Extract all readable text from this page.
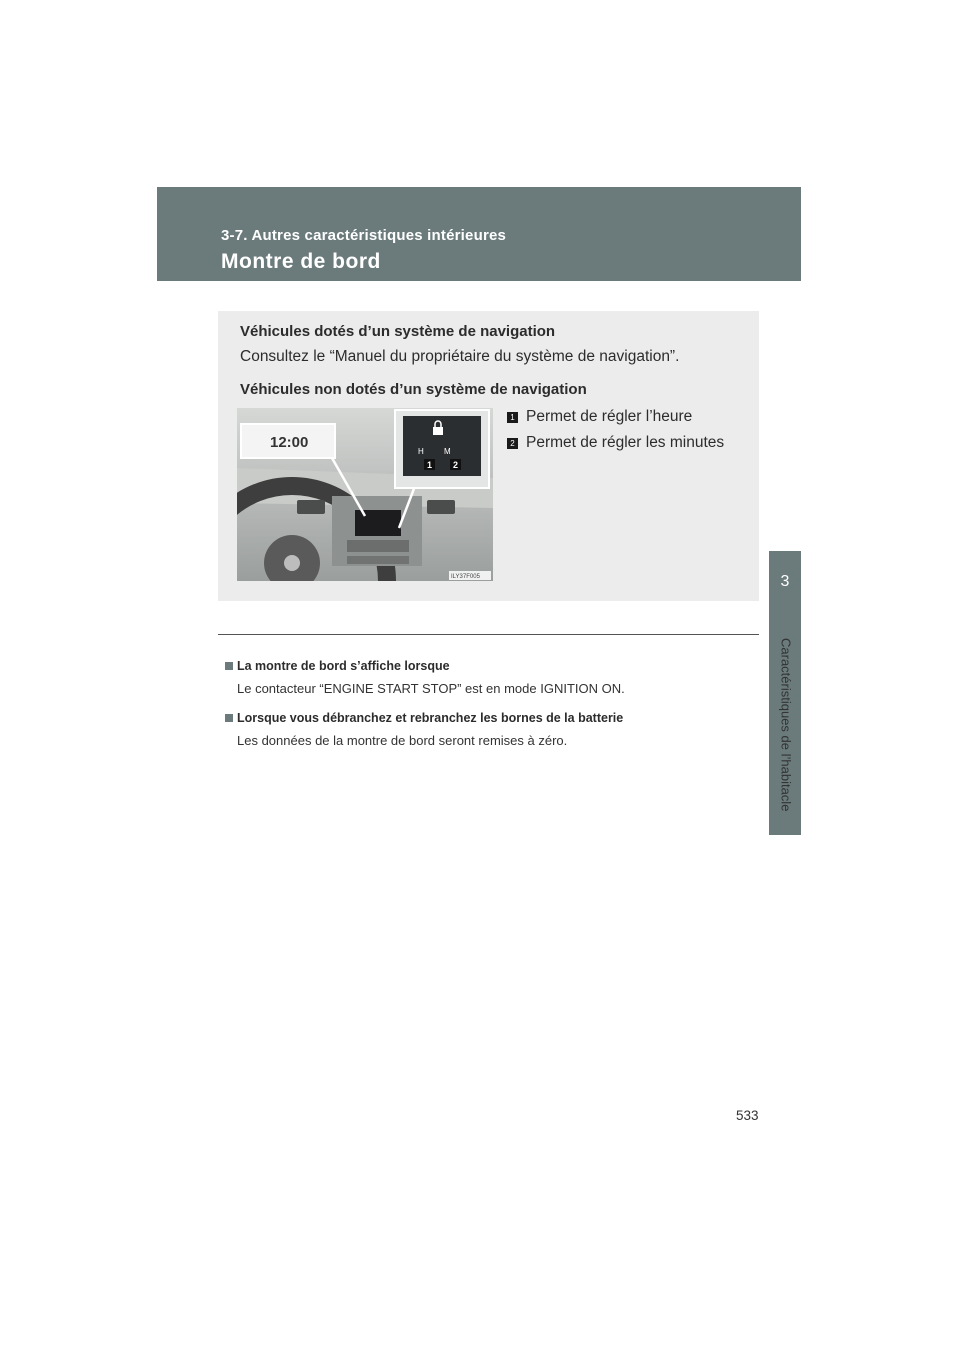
3-7. Autres caractéristiques intérieures
Montre de bord
3
Caractéristiques de l’habitacle
Véhicules dotés d’un système de navigation
Consultez le “Manuel du propriétaire du système de navigation”.
Véhicules non dotés d’un système de navigation
12:00
H	M
1 2
ILY37F005
1 Permet de régler l’heure
2 Permet de régler les minutes
La montre de bord s’affiche lorsque
Le contacteur “ENGINE START STOP” est en mode IGNITION ON.
Lorsque vous débranchez et rebranchez les bornes de la batterie
Les données de la montre de bord seront remises à zéro.
533
